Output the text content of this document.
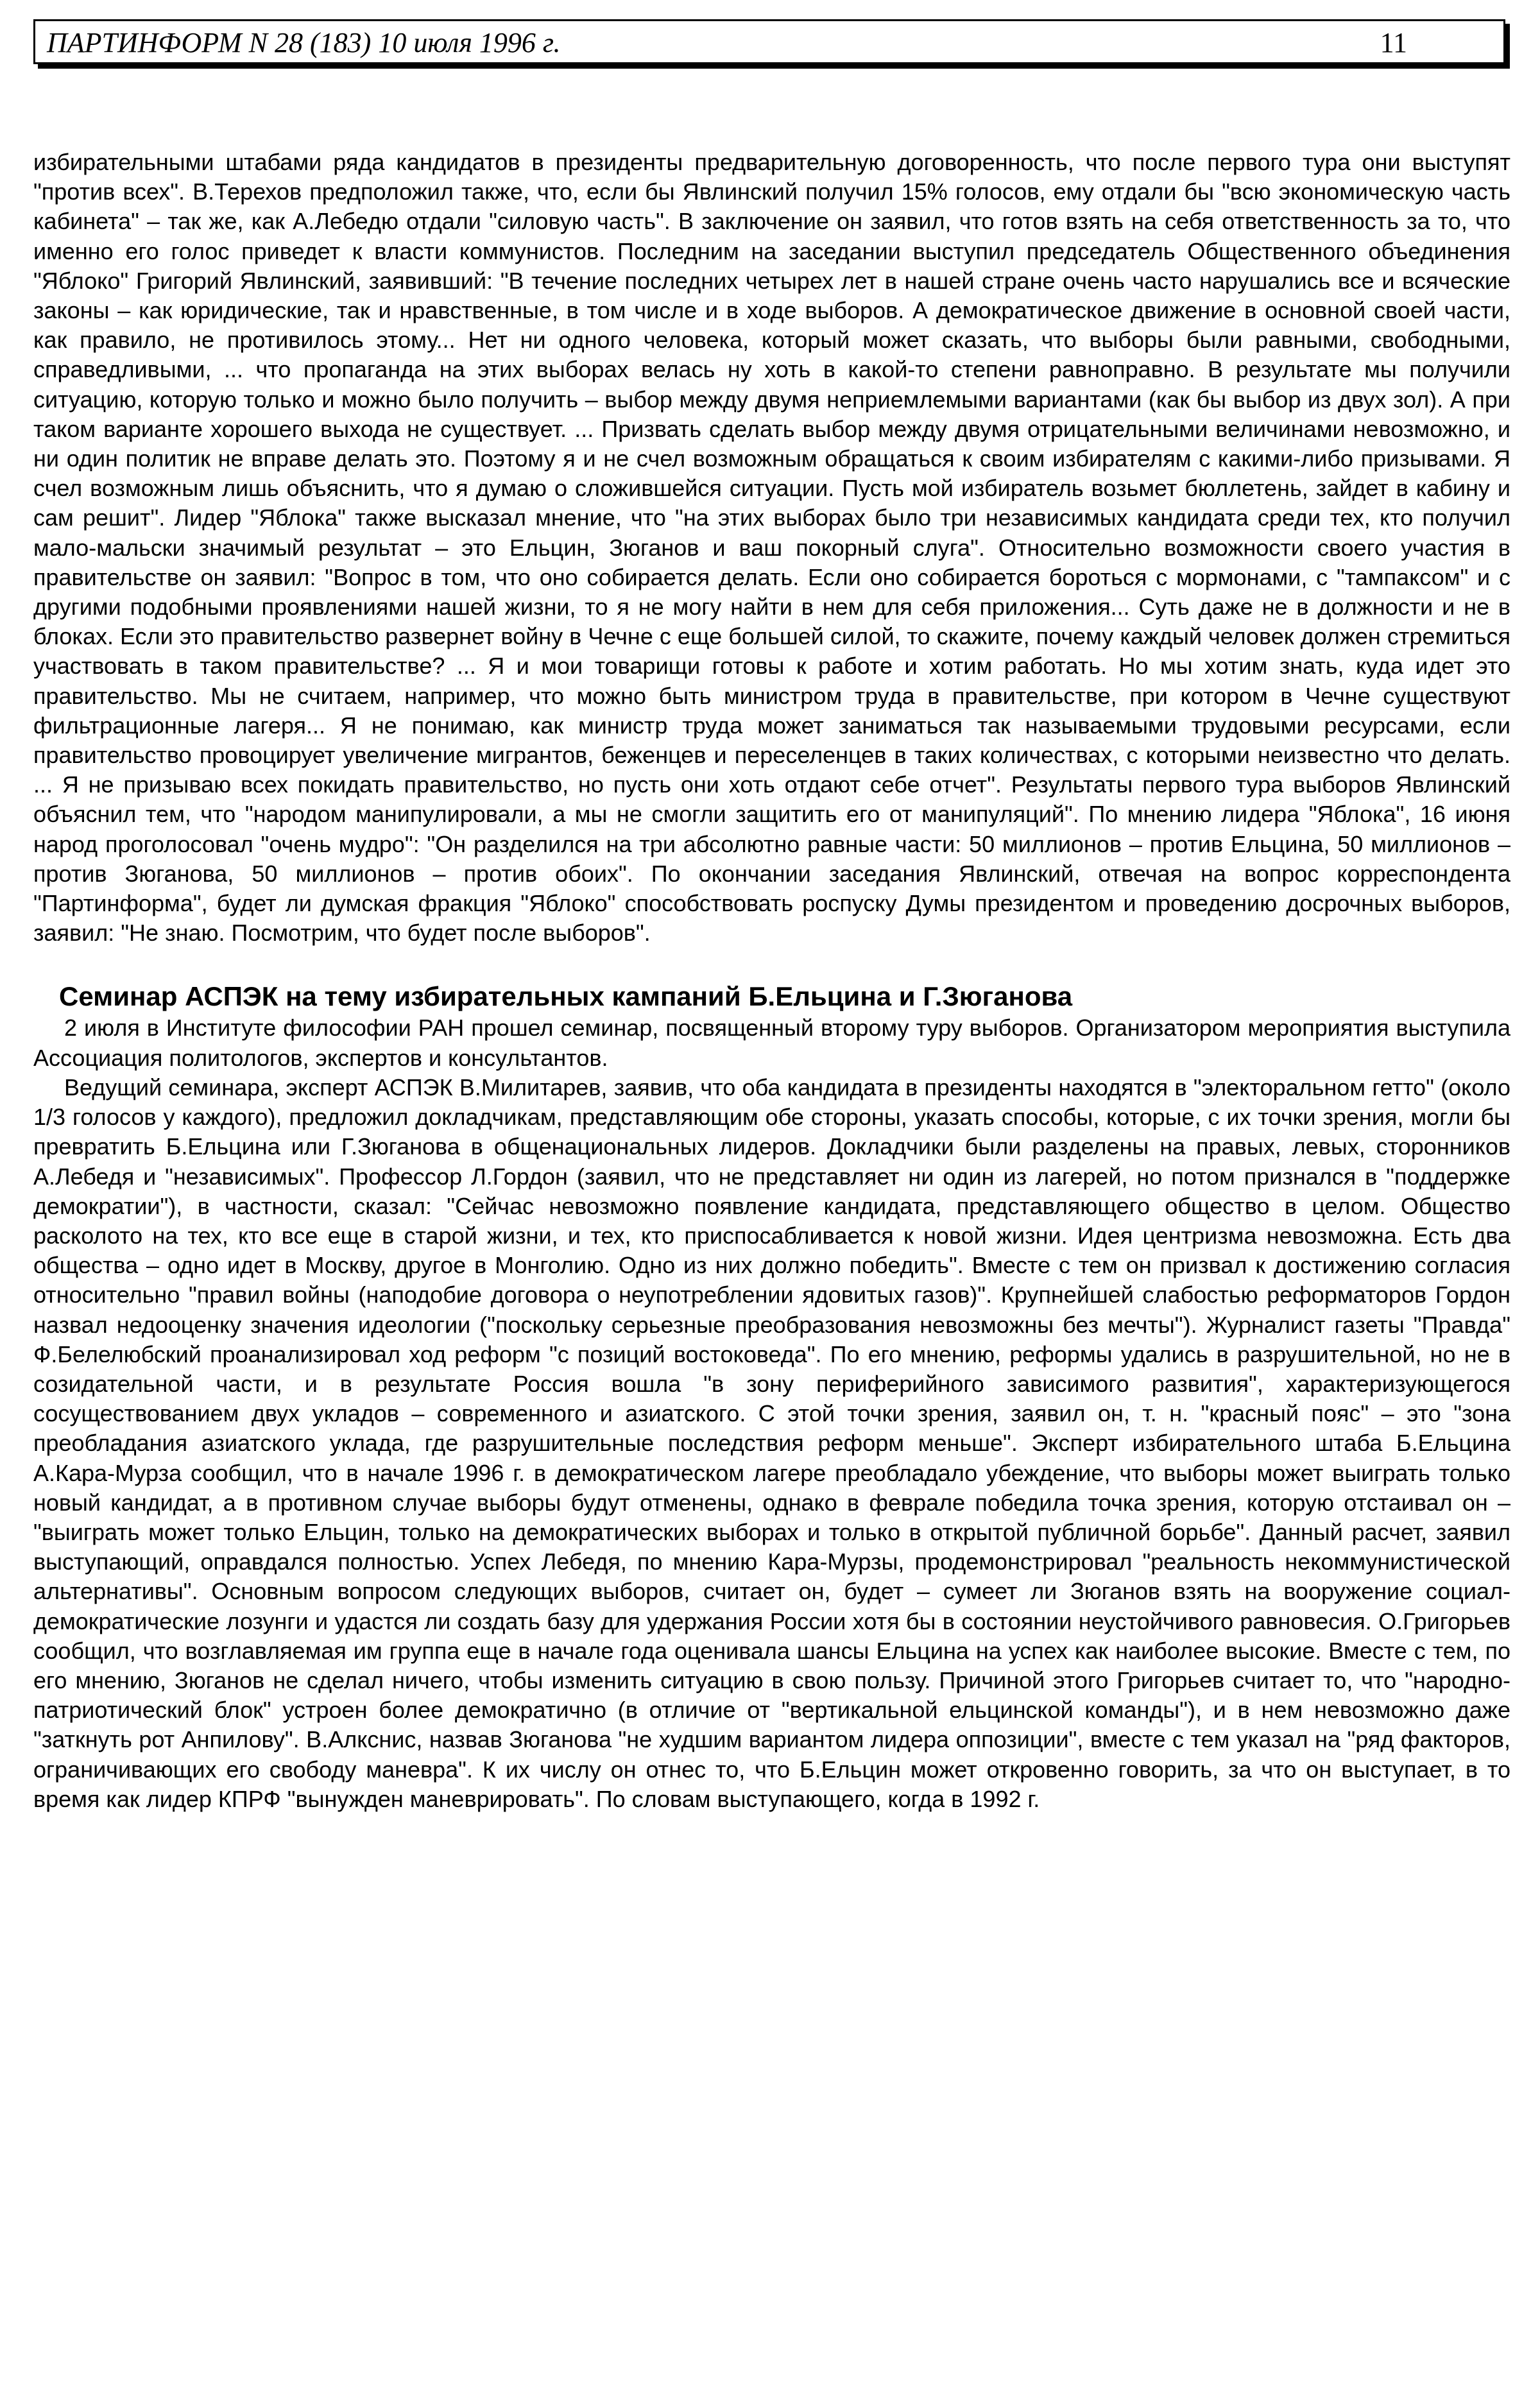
ПАРТИНФОРМ N 28 (183) 10 июля 1996 г.	11

избирательными штабами ряда кандидатов в президенты предварительную договоренность, что после первого тура они выступят "против всех". В.Терехов предположил также, что, если бы Явлинский получил 15% голосов, ему отдали бы "всю экономическую часть кабинета" – так же, как А.Лебедю отдали "силовую часть". В заключение он заявил, что готов взять на себя ответственность за то, что именно его голос приведет к власти коммунистов. Последним на заседании выступил председатель Общественного объединения "Яблоко" Григорий Явлинский, заявивший: "В течение последних четырех лет в нашей стране очень часто нарушались все и всяческие законы – как юридические, так и нравственные, в том числе и в ходе выборов. А демократическое движение в основной своей части, как правило, не противилось этому... Нет ни одного человека, который может сказать, что выборы были равными, свободными, справедливыми, ... что пропаганда на этих выборах велась ну хоть в какой-то степени равноправно. В результате мы получили ситуацию, которую только и можно было получить – выбор между двумя неприемлемыми вариантами (как бы выбор из двух зол). А при таком варианте хорошего выхода не существует. ... Призвать сделать выбор между двумя отрицательными величинами невозможно, и ни один политик не вправе делать это. Поэтому я и не счел возможным обращаться к своим избирателям с какими-либо призывами. Я счел возможным лишь объяснить, что я думаю о сложившейся ситуации. Пусть мой избиратель возьмет бюллетень, зайдет в кабину и сам решит". Лидер "Яблока" также высказал мнение, что "на этих выборах было три независимых кандидата среди тех, кто получил мало-мальски значимый результат – это Ельцин, Зюганов и ваш покорный слуга". Относительно возможности своего участия в правительстве он заявил: "Вопрос в том, что оно собирается делать. Если оно собирается бороться с мормонами, с "тампаксом" и с другими подобными проявлениями нашей жизни, то я не могу найти в нем для себя приложения... Суть даже не в должности и не в блоках. Если это правительство развернет войну в Чечне с еще большей силой, то скажите, почему каждый человек должен стремиться участвовать в таком правительстве? ... Я и мои товарищи готовы к работе и хотим работать. Но мы хотим знать, куда идет это правительство. Мы не считаем, например, что можно быть министром труда в правительстве, при котором в Чечне существуют фильтрационные лагеря... Я не понимаю, как министр труда может заниматься так называемыми трудовыми ресурсами, если правительство провоцирует увеличение мигрантов, беженцев и переселенцев в таких количествах, с которыми неизвестно что делать. ... Я не призываю всех покидать правительство, но пусть они хоть отдают себе отчет". Результаты первого тура выборов Явлинский объяснил тем, что "народом манипулировали, а мы не смогли защитить его от манипуляций". По мнению лидера "Яблока", 16 июня народ проголосовал "очень мудро": "Он разделился на три абсолютно равные части: 50 миллионов – против Ельцина, 50 миллионов – против Зюганова, 50 миллионов – против обоих". По окончании заседания Явлинский, отвечая на вопрос корреспондента "Партинформа", будет ли думская фракция "Яблоко" способствовать роспуску Думы президентом и проведению досрочных выборов, заявил: "Не знаю. Посмотрим, что будет после выборов".

Семинар АСПЭК на тему избирательных кампаний Б.Ельцина и Г.Зюганова

2 июля в Институте философии РАН прошел семинар, посвященный второму туру выборов. Организатором мероприятия выступила Ассоциация политологов, экспертов и консультантов.

Ведущий семинара, эксперт АСПЭК В.Милитарев, заявив, что оба кандидата в президенты находятся в "электоральном гетто" (около 1/3 голосов у каждого), предложил докладчикам, представляющим обе стороны, указать способы, которые, с их точки зрения, могли бы превратить Б.Ельцина или Г.Зюганова в общенациональных лидеров. Докладчики были разделены на правых, левых, сторонников А.Лебедя и "независимых". Профессор Л.Гордон (заявил, что не представляет ни один из лагерей, но потом признался в "поддержке демократии"), в частности, сказал: "Сейчас невозможно появление кандидата, представляющего общество в целом. Общество расколото на тех, кто все еще в старой жизни, и тех, кто приспосабливается к новой жизни. Идея центризма невозможна. Есть два общества – одно идет в Москву, другое в Монголию. Одно из них должно победить". Вместе с тем он призвал к достижению согласия относительно "правил войны (наподобие договора о неупотреблении ядовитых газов)". Крупнейшей слабостью реформаторов Гордон назвал недооценку значения идеологии ("поскольку серьезные преобразования невозможны без мечты"). Журналист газеты "Правда" Ф.Белелюбский проанализировал ход реформ "с позиций востоковеда". По его мнению, реформы удались в разрушительной, но не в созидательной части, и в результате Россия вошла "в зону периферийного зависимого развития", характеризующегося сосуществованием двух укладов – современного и азиатского. С этой точки зрения, заявил он, т. н. "красный пояс" – это "зона преобладания азиатского уклада, где разрушительные последствия реформ меньше". Эксперт избирательного штаба Б.Ельцина А.Кара-Мурза сообщил, что в начале 1996 г. в демократическом лагере преобладало убеждение, что выборы может выиграть только новый кандидат, а в противном случае выборы будут отменены, однако в феврале победила точка зрения, которую отстаивал он – "выиграть может только Ельцин, только на демократических выборах и только в открытой публичной борьбе". Данный расчет, заявил выступающий, оправдался полностью. Успех Лебедя, по мнению Кара-Мурзы, продемонстрировал "реальность некоммунистической альтернативы". Основным вопросом следующих выборов, считает он, будет – сумеет ли Зюганов взять на вооружение социал-демократические лозунги и удастся ли создать базу для удержания России хотя бы в состоянии неустойчивого равновесия. О.Григорьев сообщил, что возглавляемая им группа еще в начале года оценивала шансы Ельцина на успех как наиболее высокие. Вместе с тем, по его мнению, Зюганов не сделал ничего, чтобы изменить ситуацию в свою пользу. Причиной этого Григорьев считает то, что "народно-патриотический блок" устроен более демократично (в отличие от "вертикальной ельцинской команды"), и в нем невозможно даже "заткнуть рот Анпилову". В.Алкснис, назвав Зюганова "не худшим вариантом лидера оппозиции", вместе с тем указал на "ряд факторов, ограничивающих его свободу маневра". К их числу он отнес то, что Б.Ельцин может откровенно говорить, за что он выступает, в то время как лидер КПРФ "вынужден маневрировать". По словам выступающего, когда в 1992 г.
